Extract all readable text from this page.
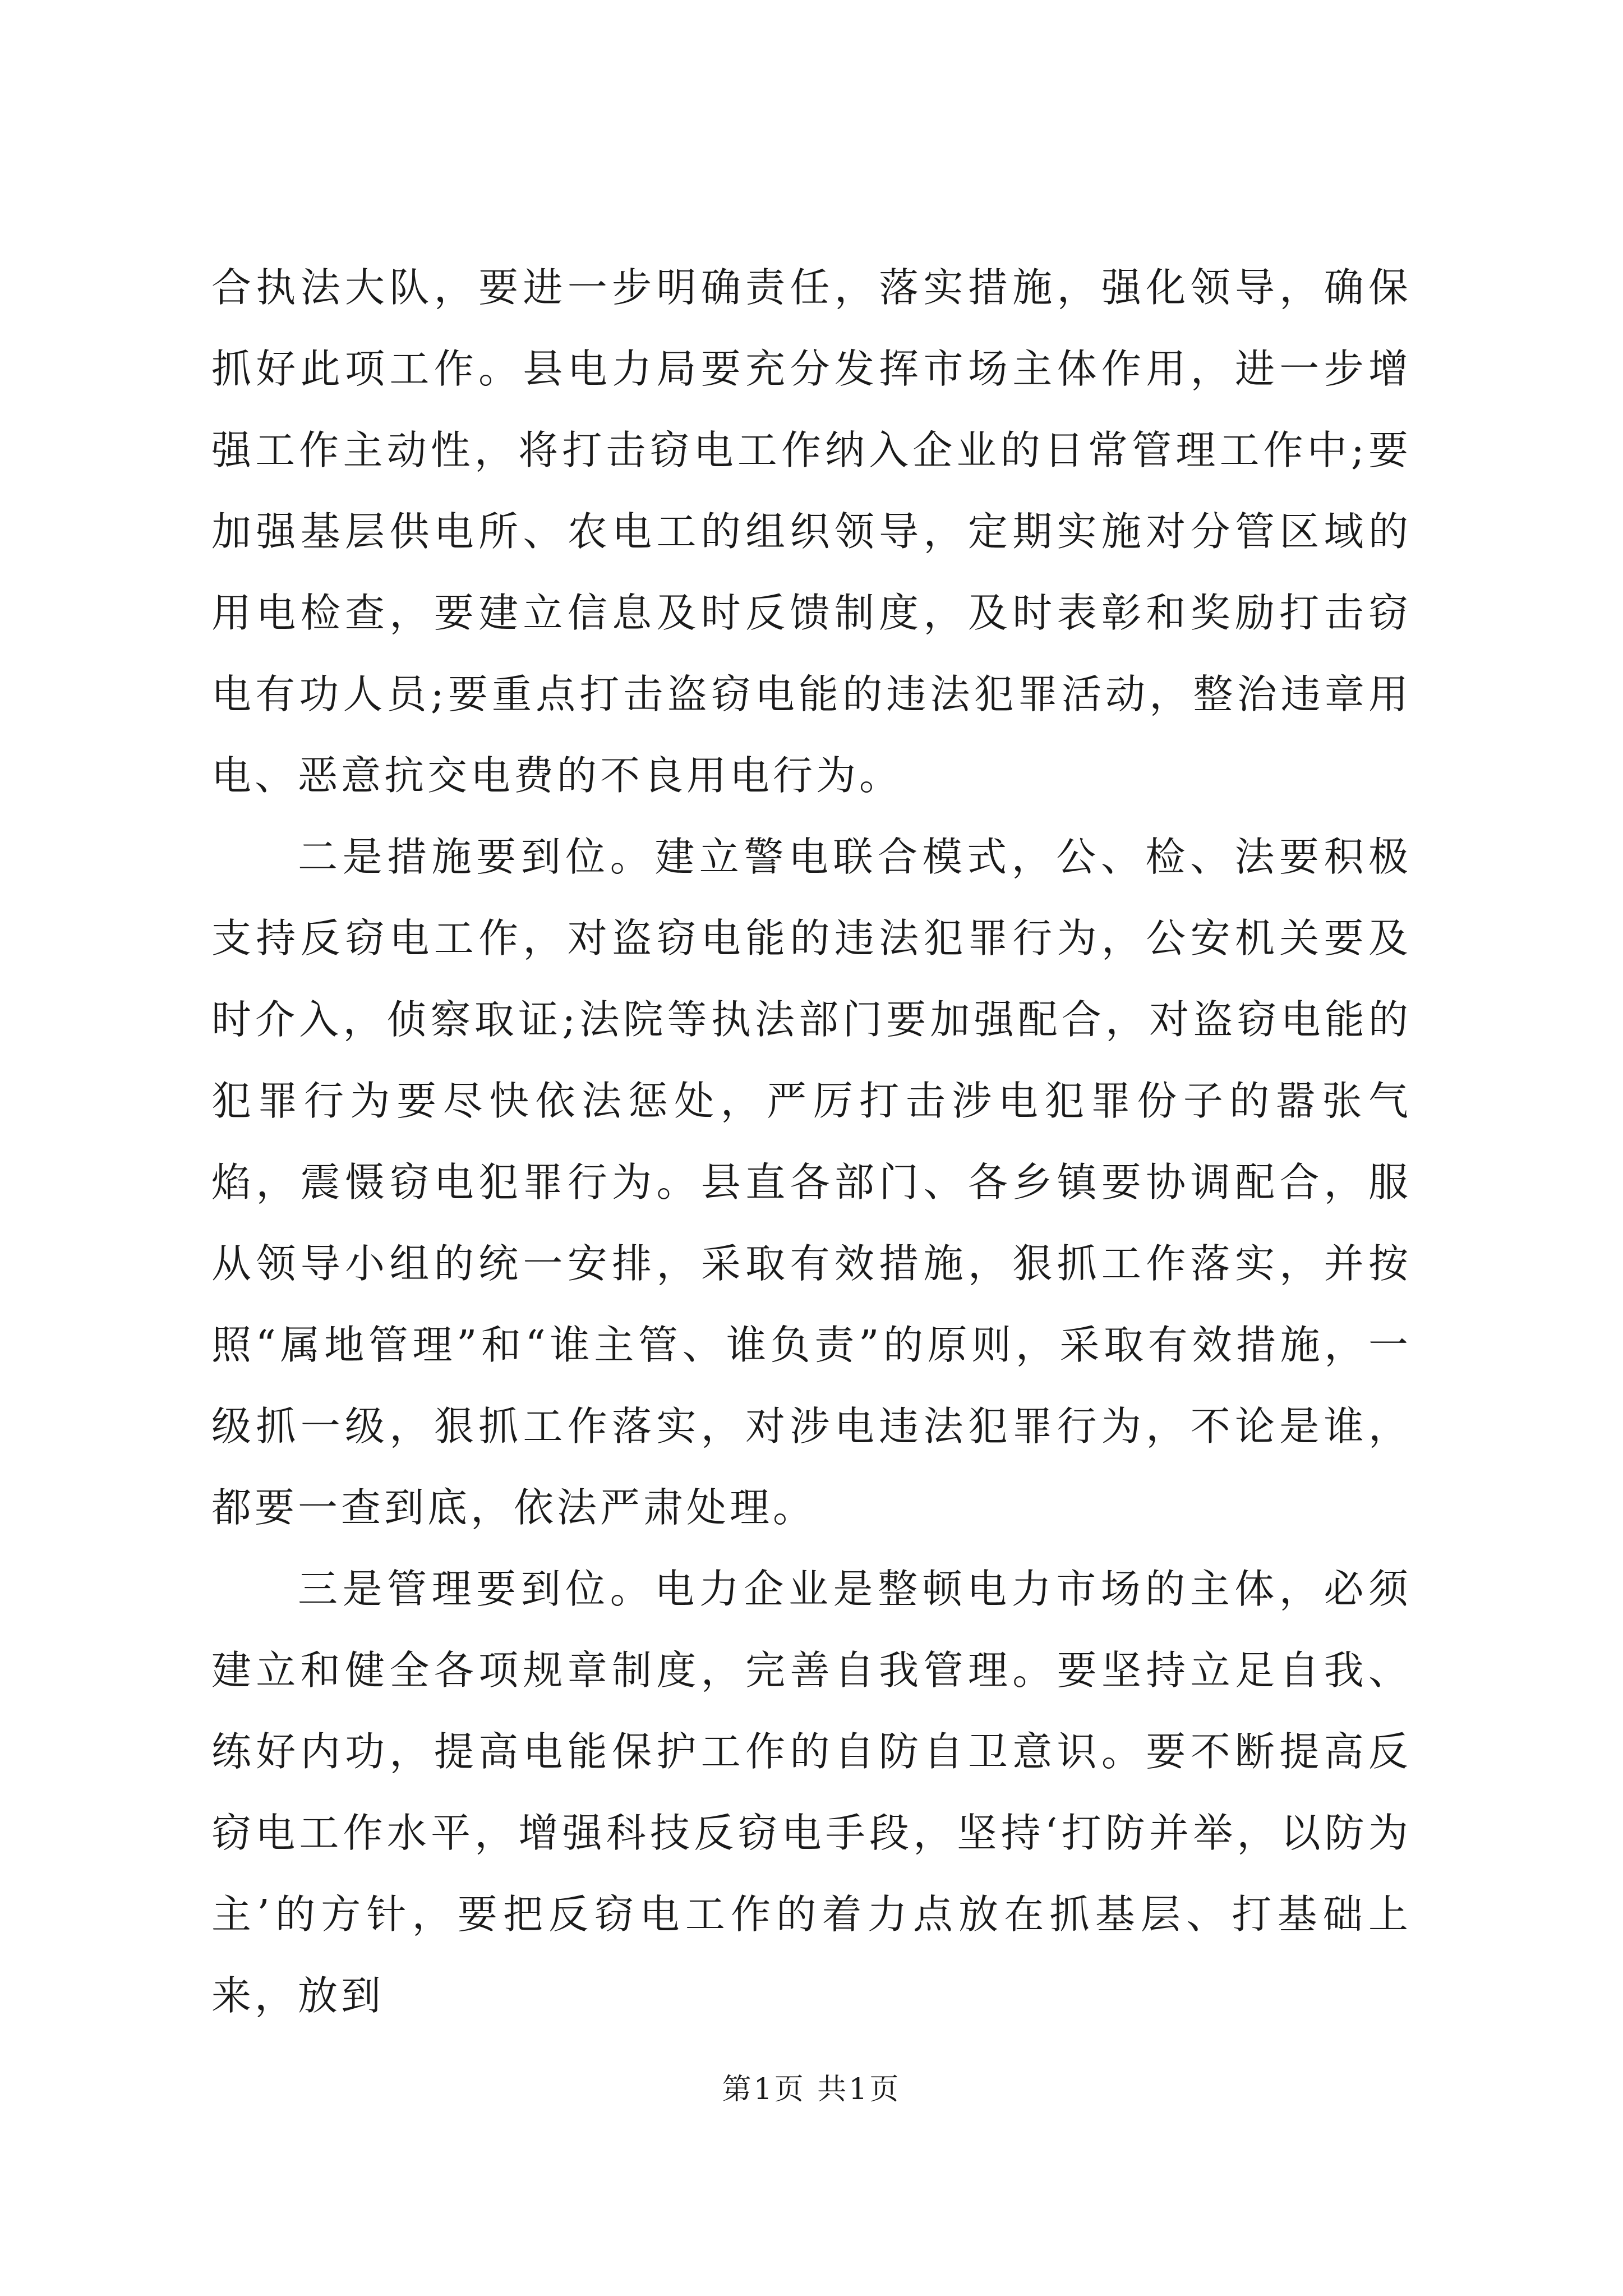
合执法大队，要进一步明确责任，落实措施，强化领导，确保抓好此项工作。县电力局要充分发挥市场主体作用，进一步增强工作主动性，将打击窃电工作纳入企业的日常管理工作中;要加强基层供电所、农电工的组织领导，定期实施对分管区域的用电检查，要建立信息及时反馈制度，及时表彰和奖励打击窃电有功人员;要重点打击盗窃电能的违法犯罪活动，整治违章用电、恶意抗交电费的不良用电行为。

二是措施要到位。建立警电联合模式，公、检、法要积极支持反窃电工作，对盗窃电能的违法犯罪行为，公安机关要及时介入，侦察取证;法院等执法部门要加强配合，对盗窃电能的犯罪行为要尽快依法惩处，严厉打击涉电犯罪份子的嚣张气焰，震慑窃电犯罪行为。县直各部门、各乡镇要协调配合，服从领导小组的统一安排，采取有效措施，狠抓工作落实，并按照“属地管理”和“谁主管、谁负责”的原则，采取有效措施，一级抓一级，狠抓工作落实，对涉电违法犯罪行为，不论是谁，都要一查到底，依法严肃处理。

三是管理要到位。电力企业是整顿电力市场的主体，必须建立和健全各项规章制度，完善自我管理。要坚持立足自我、练好内功，提高电能保护工作的自防自卫意识。要不断提高反窃电工作水平，增强科技反窃电手段，坚持‘打防并举，以防为主’的方针，要把反窃电工作的着力点放在抓基层、打基础上来，放到

第1页 共1页
